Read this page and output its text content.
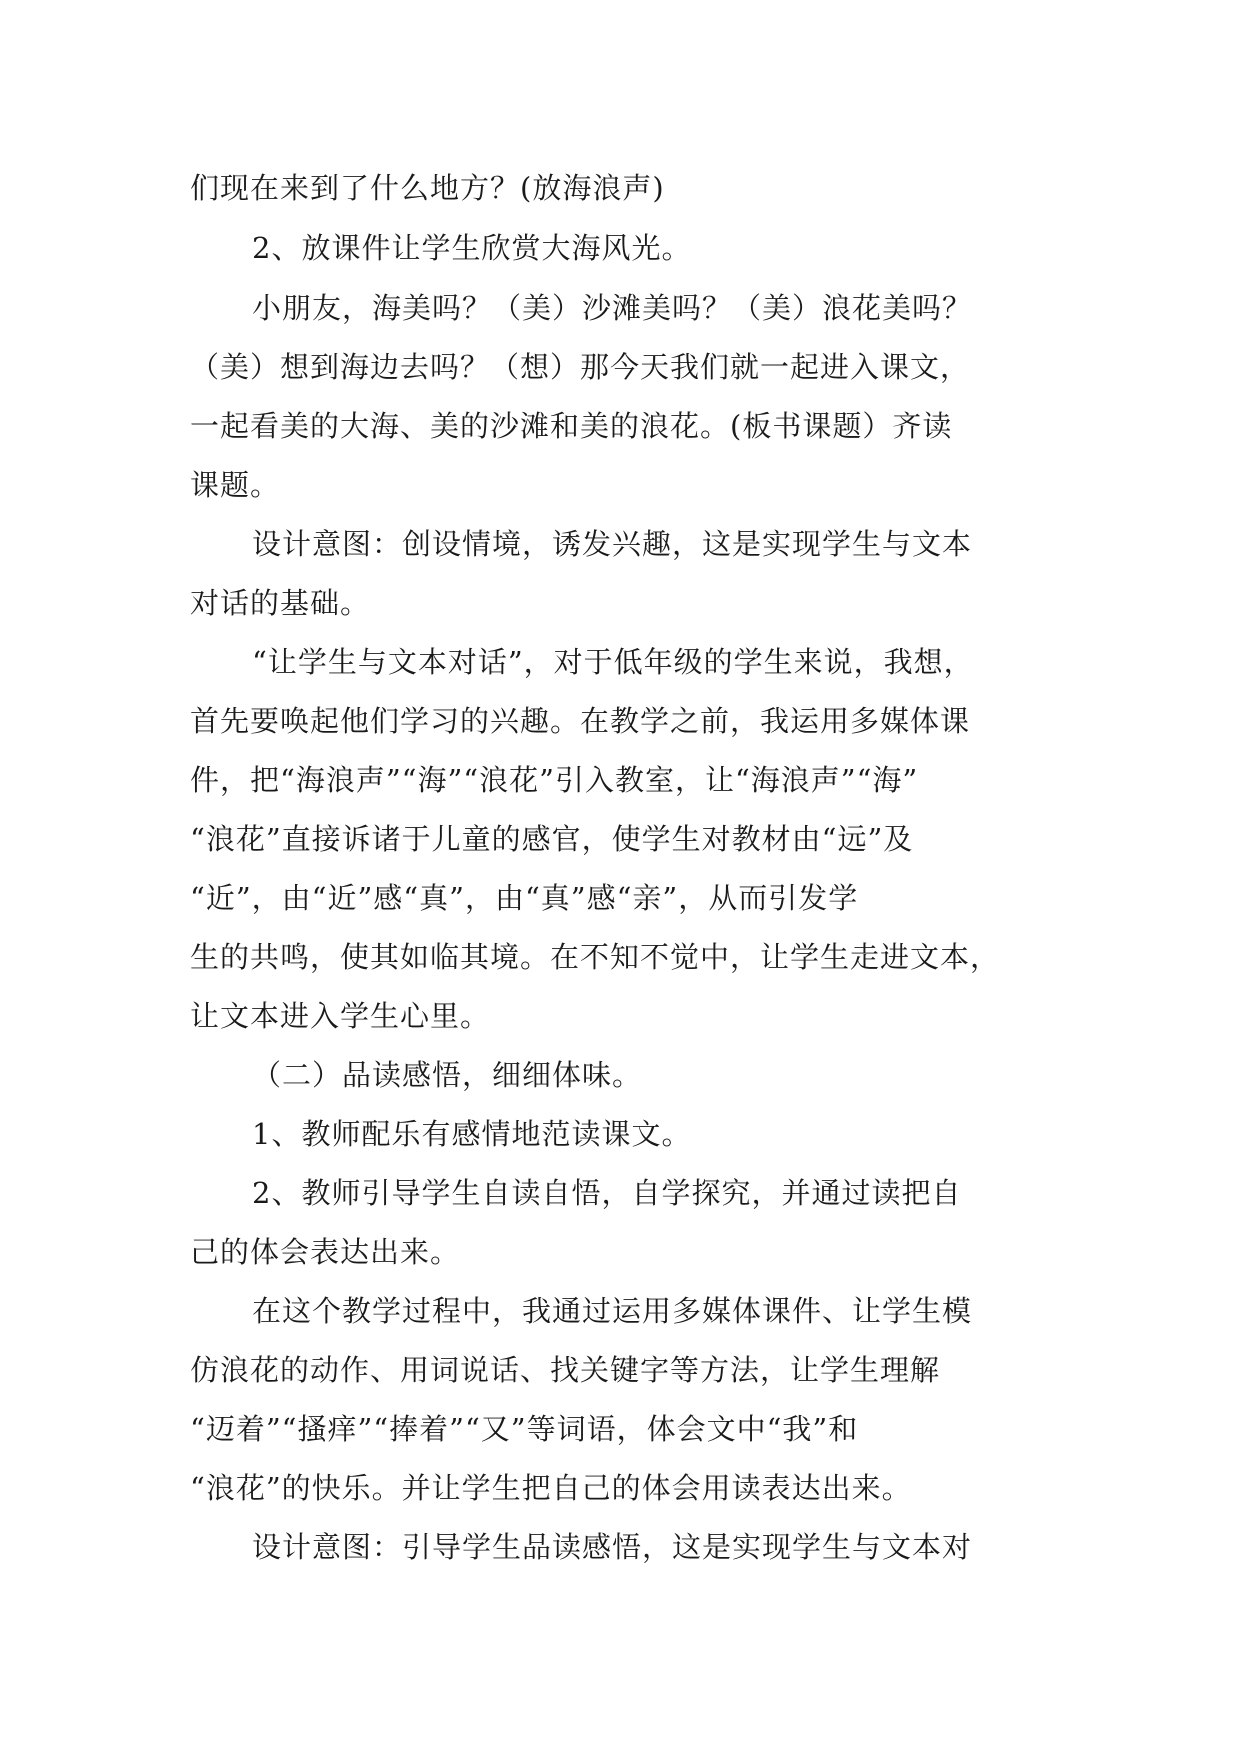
们现在来到了什么地方？(放海浪声)
2、放课件让学生欣赏大海风光。
小朋友，海美吗？（美）沙滩美吗？（美）浪花美吗？
（美）想到海边去吗？（想）那今天我们就一起进入课文，
一起看美的大海、美的沙滩和美的浪花。(板书课题）齐读
课题。
设计意图：创设情境，诱发兴趣，这是实现学生与文本
对话的基础。
“让学生与文本对话”，对于低年级的学生来说，我想，
首先要唤起他们学习的兴趣。在教学之前，我运用多媒体课
件，把“海浪声”“海”“浪花”引入教室，让“海浪声”“海”
“浪花”直接诉诸于儿童的感官，使学生对教材由“远”及
“近”，由“近”感“真”，由“真”感“亲”，从而引发学
生的共鸣，使其如临其境。在不知不觉中，让学生走进文本，
让文本进入学生心里。
（二）品读感悟，细细体味。
1、教师配乐有感情地范读课文。
2、教师引导学生自读自悟，自学探究，并通过读把自
己的体会表达出来。
在这个教学过程中，我通过运用多媒体课件、让学生模
仿浪花的动作、用词说话、找关键字等方法，让学生理解
“迈着”“搔痒”“捧着”“又”等词语，体会文中“我”和
“浪花”的快乐。并让学生把自己的体会用读表达出来。
设计意图：引导学生品读感悟，这是实现学生与文本对
